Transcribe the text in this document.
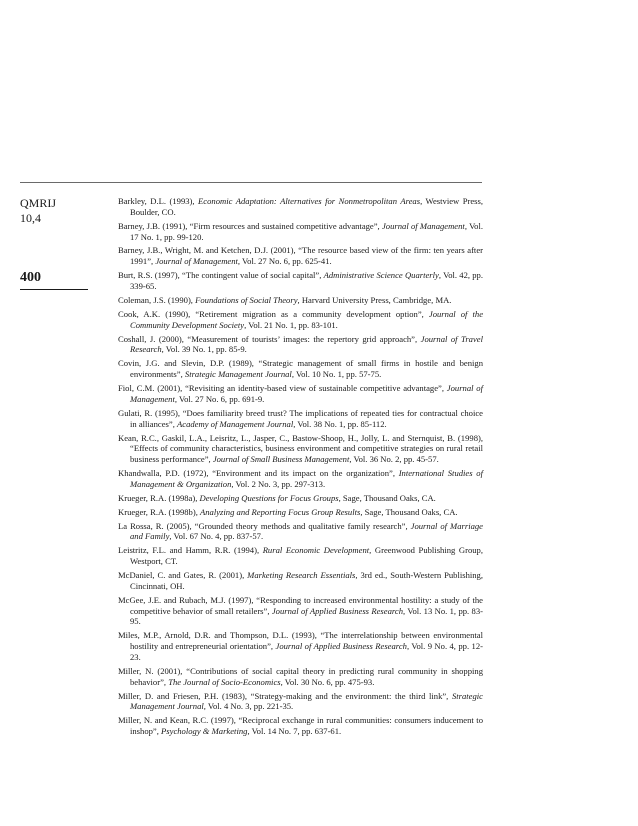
QMRIJ
10,4
400
Barkley, D.L. (1993), Economic Adaptation: Alternatives for Nonmetropolitan Areas, Westview Press, Boulder, CO.
Barney, J.B. (1991), “Firm resources and sustained competitive advantage”, Journal of Management, Vol. 17 No. 1, pp. 99-120.
Barney, J.B., Wright, M. and Ketchen, D.J. (2001), “The resource based view of the firm: ten years after 1991”, Journal of Management, Vol. 27 No. 6, pp. 625-41.
Burt, R.S. (1997), “The contingent value of social capital”, Administrative Science Quarterly, Vol. 42, pp. 339-65.
Coleman, J.S. (1990), Foundations of Social Theory, Harvard University Press, Cambridge, MA.
Cook, A.K. (1990), “Retirement migration as a community development option”, Journal of the Community Development Society, Vol. 21 No. 1, pp. 83-101.
Coshall, J. (2000), “Measurement of tourists’ images: the repertory grid approach”, Journal of Travel Research, Vol. 39 No. 1, pp. 85-9.
Covin, J.G. and Slevin, D.P. (1989), “Strategic management of small firms in hostile and benign environments”, Strategic Management Journal, Vol. 10 No. 1, pp. 57-75.
Fiol, C.M. (2001), “Revisiting an identity-based view of sustainable competitive advantage”, Journal of Management, Vol. 27 No. 6, pp. 691-9.
Gulati, R. (1995), “Does familiarity breed trust? The implications of repeated ties for contractual choice in alliances”, Academy of Management Journal, Vol. 38 No. 1, pp. 85-112.
Kean, R.C., Gaskil, L.A., Leisritz, L., Jasper, C., Bastow-Shoop, H., Jolly, L. and Sternquist, B. (1998), “Effects of community characteristics, business environment and competitive strategies on rural retail business performance”, Journal of Small Business Management, Vol. 36 No. 2, pp. 45-57.
Khandwalla, P.D. (1972), “Environment and its impact on the organization”, International Studies of Management & Organization, Vol. 2 No. 3, pp. 297-313.
Krueger, R.A. (1998a), Developing Questions for Focus Groups, Sage, Thousand Oaks, CA.
Krueger, R.A. (1998b), Analyzing and Reporting Focus Group Results, Sage, Thousand Oaks, CA.
La Rossa, R. (2005), “Grounded theory methods and qualitative family research”, Journal of Marriage and Family, Vol. 67 No. 4, pp. 837-57.
Leistritz, F.L. and Hamm, R.R. (1994), Rural Economic Development, Greenwood Publishing Group, Westport, CT.
McDaniel, C. and Gates, R. (2001), Marketing Research Essentials, 3rd ed., South-Western Publishing, Cincinnati, OH.
McGee, J.E. and Rubach, M.J. (1997), “Responding to increased environmental hostility: a study of the competitive behavior of small retailers”, Journal of Applied Business Research, Vol. 13 No. 1, pp. 83-95.
Miles, M.P., Arnold, D.R. and Thompson, D.L. (1993), “The interrelationship between environmental hostility and entrepreneurial orientation”, Journal of Applied Business Research, Vol. 9 No. 4, pp. 12-23.
Miller, N. (2001), “Contributions of social capital theory in predicting rural community in shopping behavior”, The Journal of Socio-Economics, Vol. 30 No. 6, pp. 475-93.
Miller, D. and Friesen, P.H. (1983), “Strategy-making and the environment: the third link”, Strategic Management Journal, Vol. 4 No. 3, pp. 221-35.
Miller, N. and Kean, R.C. (1997), “Reciprocal exchange in rural communities: consumers inducement to inshop”, Psychology & Marketing, Vol. 14 No. 7, pp. 637-61.
